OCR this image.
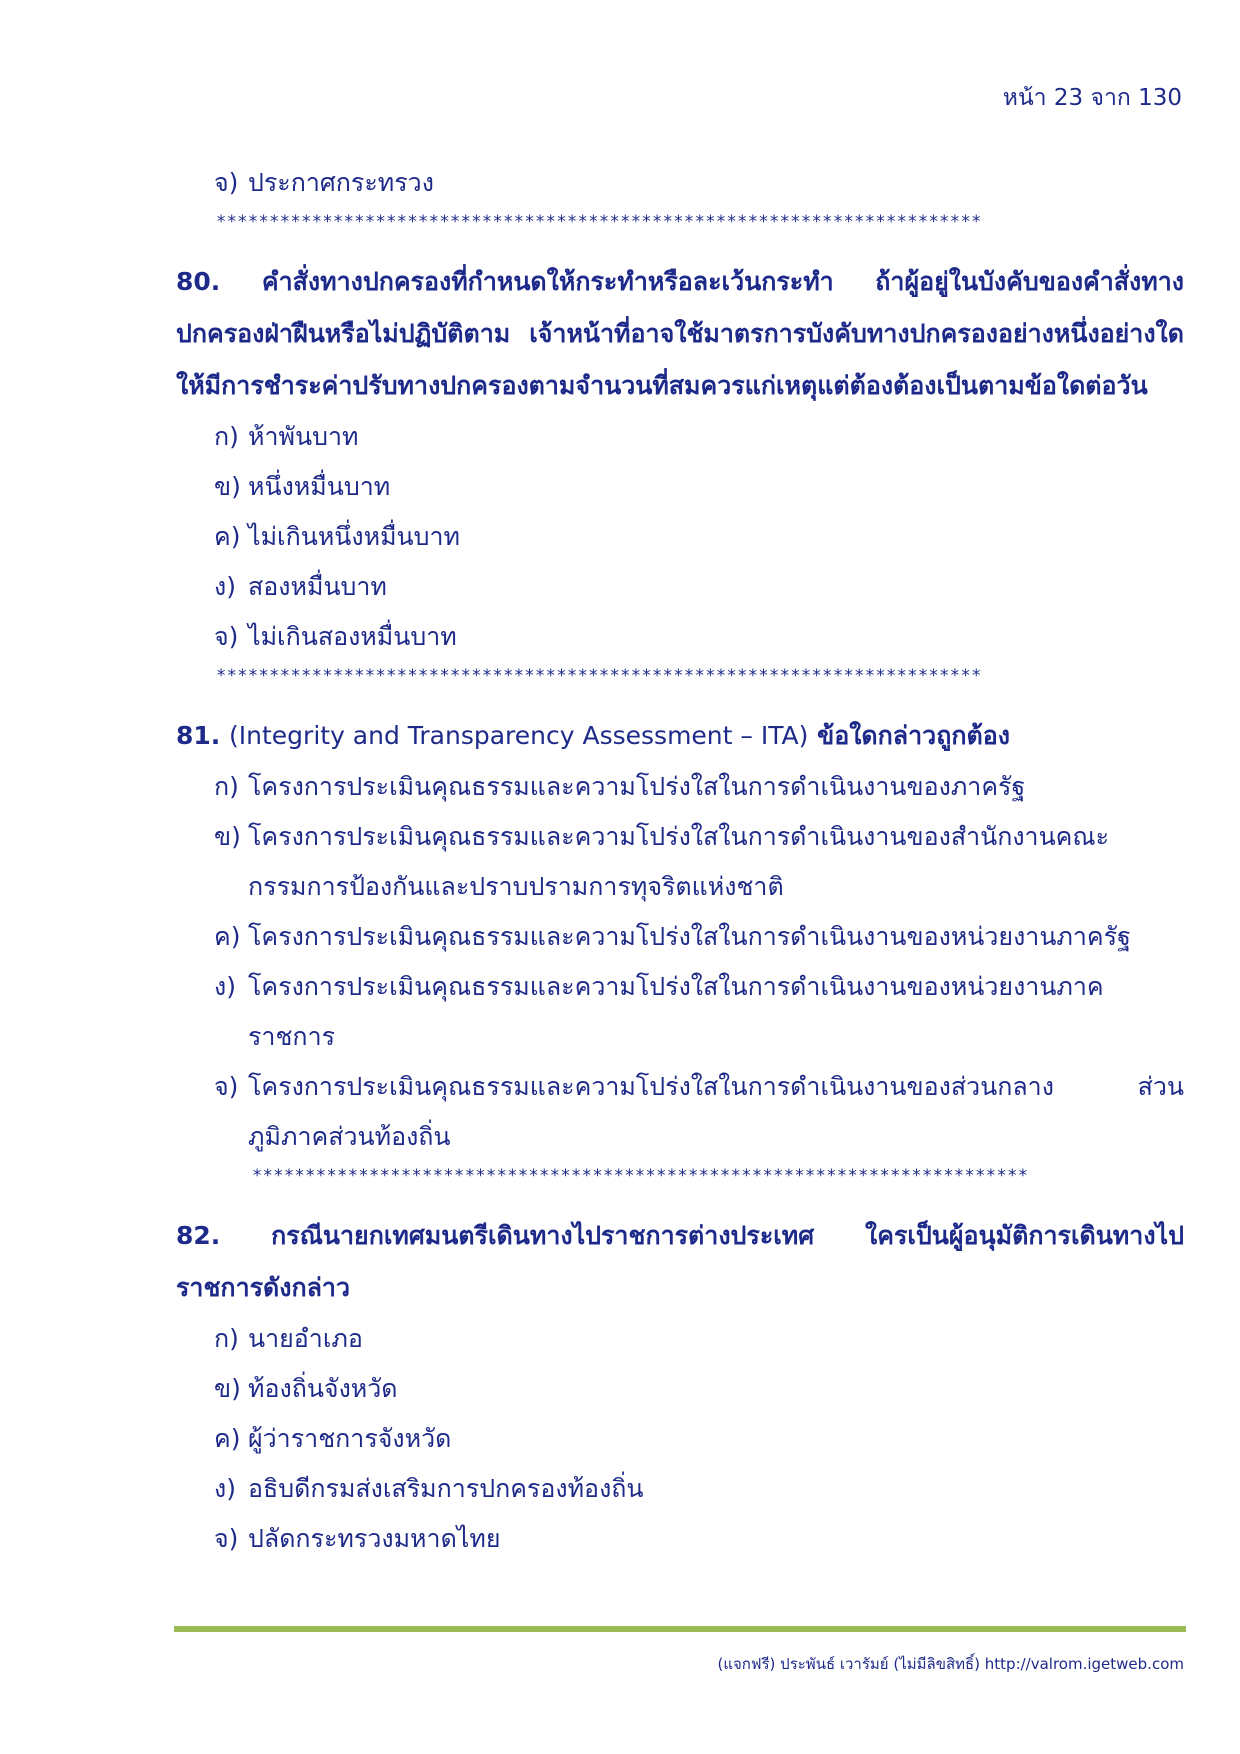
หน้า 23 จาก 130
จ) ประกาศกระทรวง
************************************************************************
80. คำสั่งทางปกครองที่กำหนดให้กระทำหรือละเว้นกระทำ ถ้าผู้อยู่ในบังคับของคำสั่งทางปกครองฝ่าฝืนหรือไม่ปฏิบัติตาม เจ้าหน้าที่อาจใช้มาตรการบังคับทางปกครองอย่างหนึ่งอย่างใด ให้มีการชำระค่าปรับทางปกครองตามจำนวนที่สมควรแก่เหตุแต่ต้องต้องเป็นตามข้อใดต่อวัน
ก) ห้าพันบาท
ข) หนึ่งหมื่นบาท
ค) ไม่เกินหนึ่งหมื่นบาท
ง) สองหมื่นบาท
จ) ไม่เกินสองหมื่นบาท
************************************************************************
81. (Integrity and Transparency Assessment – ITA) ข้อใดกล่าวถูกต้อง
ก) โครงการประเมินคุณธรรมและความโปร่งใสในการดำเนินงานของภาครัฐ
ข) โครงการประเมินคุณธรรมและความโปร่งใสในการดำเนินงานของสำนักงานคณะกรรมการป้องกันและปราบปรามการทุจริตแห่งชาติ
ค) โครงการประเมินคุณธรรมและความโปร่งใสในการดำเนินงานของหน่วยงานภาครัฐ
ง) โครงการประเมินคุณธรรมและความโปร่งใสในการดำเนินงานของหน่วยงานภาคราชการ
จ) โครงการประเมินคุณธรรมและความโปร่งใสในการดำเนินงานของส่วนกลาง ส่วนภูมิภาคส่วนท้องถิ่น
*************************************************************************
82. กรณีนายกเทศมนตรีเดินทางไปราชการต่างประเทศ ใครเป็นผู้อนุมัติการเดินทางไปราชการดังกล่าว
ก) นายอำเภอ
ข) ท้องถิ่นจังหวัด
ค) ผู้ว่าราชการจังหวัด
ง) อธิบดีกรมส่งเสริมการปกครองท้องถิ่น
จ) ปลัดกระทรวงมหาดไทย
(แจกฟรี) ประพันธ์ เวารัมย์ (ไม่มีลิขสิทธิ์) http://valrom.igetweb.com
